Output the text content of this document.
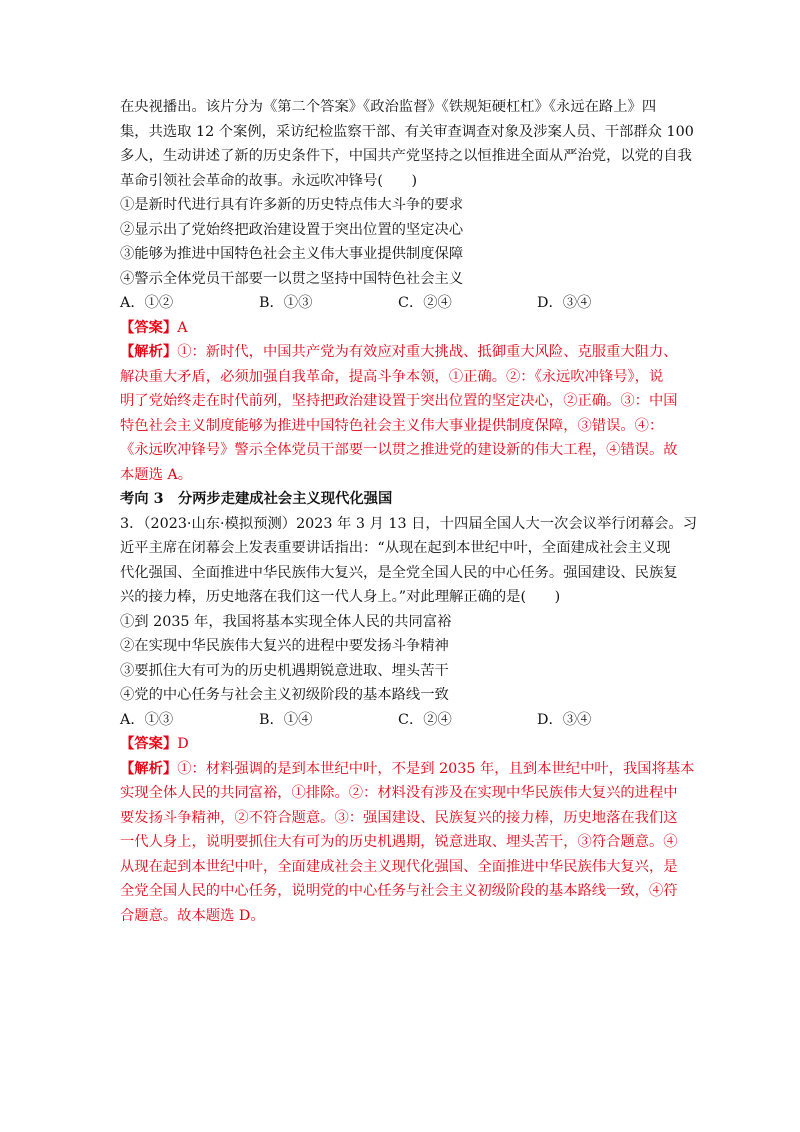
在央视播出。该片分为《第二个答案》《政治监督》《铁规矩硬杠杠》《永远在路上》四
集，共选取 12 个案例，采访纪检监察干部、有关审查调查对象及涉案人员、干部群众 100
多人，生动讲述了新的历史条件下，中国共产党坚持之以恒推进全面从严治党，以党的自我
革命引领社会革命的故事。永远吹冲锋号(　　)
①是新时代进行具有许多新的历史特点伟大斗争的要求
②显示出了党始终把政治建设置于突出位置的坚定决心
③能够为推进中国特色社会主义伟大事业提供制度保障
④警示全体党员干部要一以贯之坚持中国特色社会主义
A．①②	B．①③	C．②④	D．③④
【答案】A
【解析】①：新时代，中国共产党为有效应对重大挑战、抵御重大风险、克服重大阻力、
解决重大矛盾，必须加强自我革命，提高斗争本领，①正确。②：《永远吹冲锋号》，说
明了党始终走在时代前列，坚持把政治建设置于突出位置的坚定决心，②正确。③：中国
特色社会主义制度能够为推进中国特色社会主义伟大事业提供制度保障，③错误。④：
《永远吹冲锋号》警示全体党员干部要一以贯之推进党的建设新的伟大工程，④错误。故
本题选 A。
考向 3　分两步走建成社会主义现代化强国
3．（2023·山东·模拟预测）2023 年 3 月 13 日，十四届全国人大一次会议举行闭幕会。习
近平主席在闭幕会上发表重要讲话指出：“从现在起到本世纪中叶，全面建成社会主义现
代化强国、全面推进中华民族伟大复兴，是全党全国人民的中心任务。强国建设、民族复
兴的接力棒，历史地落在我们这一代人身上。”对此理解正确的是(　　)
①到 2035 年，我国将基本实现全体人民的共同富裕
②在实现中华民族伟大复兴的进程中要发扬斗争精神
③要抓住大有可为的历史机遇期锐意进取、埋头苦干
④党的中心任务与社会主义初级阶段的基本路线一致
A．①③	B．①④	C．②④	D．③④
【答案】D
【解析】①：材料强调的是到本世纪中叶，不是到 2035 年，且到本世纪中叶，我国将基本
实现全体人民的共同富裕，①排除。②：材料没有涉及在实现中华民族伟大复兴的进程中
要发扬斗争精神，②不符合题意。③：强国建设、民族复兴的接力棒，历史地落在我们这
一代人身上，说明要抓住大有可为的历史机遇期，锐意进取、埋头苦干，③符合题意。④
从现在起到本世纪中叶，全面建成社会主义现代化强国、全面推进中华民族伟大复兴，是
全党全国人民的中心任务，说明党的中心任务与社会主义初级阶段的基本路线一致，④符
合题意。故本题选 D。
